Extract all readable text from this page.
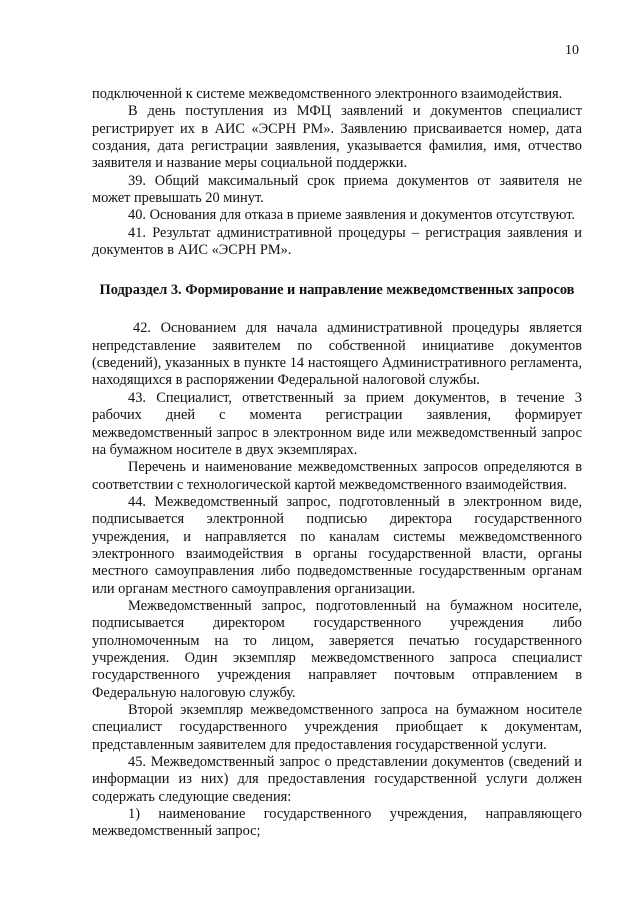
10

подключенной к системе межведомственного электронного взаимодействия.

В день поступления из МФЦ заявлений и документов специалист регистрирует их в АИС «ЭСРН РМ». Заявлению присваивается номер, дата создания, дата регистрации заявления, указывается фамилия, имя, отчество заявителя и название меры социальной поддержки.

39. Общий максимальный срок приема документов от заявителя не может превышать 20 минут.

40. Основания для отказа в приеме заявления и документов отсутствуют.

41. Результат административной процедуры – регистрация заявления и документов в АИС «ЭСРН РМ».

Подраздел 3. Формирование и направление межведомственных запросов

42. Основанием для начала административной процедуры является непредставление заявителем по собственной инициативе документов (сведений), указанных в пункте 14 настоящего Административного регламента, находящихся в распоряжении Федеральной налоговой службы.

43. Специалист, ответственный за прием документов, в течение 3 рабочих дней с момента регистрации заявления, формирует межведомственный запрос в электронном виде или межведомственный запрос на бумажном носителе в двух экземплярах.

Перечень и наименование межведомственных запросов определяются в соответствии с технологической картой межведомственного взаимодействия.

44. Межведомственный запрос, подготовленный в электронном виде, подписывается электронной подписью директора государственного учреждения, и направляется по каналам системы межведомственного электронного взаимодействия в органы государственной власти, органы местного самоуправления либо подведомственные государственным органам или органам местного самоуправления организации.

Межведомственный запрос, подготовленный на бумажном носителе, подписывается директором государственного учреждения либо уполномоченным на то лицом, заверяется печатью государственного учреждения. Один экземпляр межведомственного запроса специалист государственного учреждения направляет почтовым отправлением в Федеральную налоговую службу.

Второй экземпляр межведомственного запроса на бумажном носителе специалист государственного учреждения приобщает к документам, представленным заявителем для предоставления государственной услуги.

45. Межведомственный запрос о представлении документов (сведений и информации из них) для предоставления государственной услуги должен содержать следующие сведения:

1) наименование государственного учреждения, направляющего межведомственный запрос;
